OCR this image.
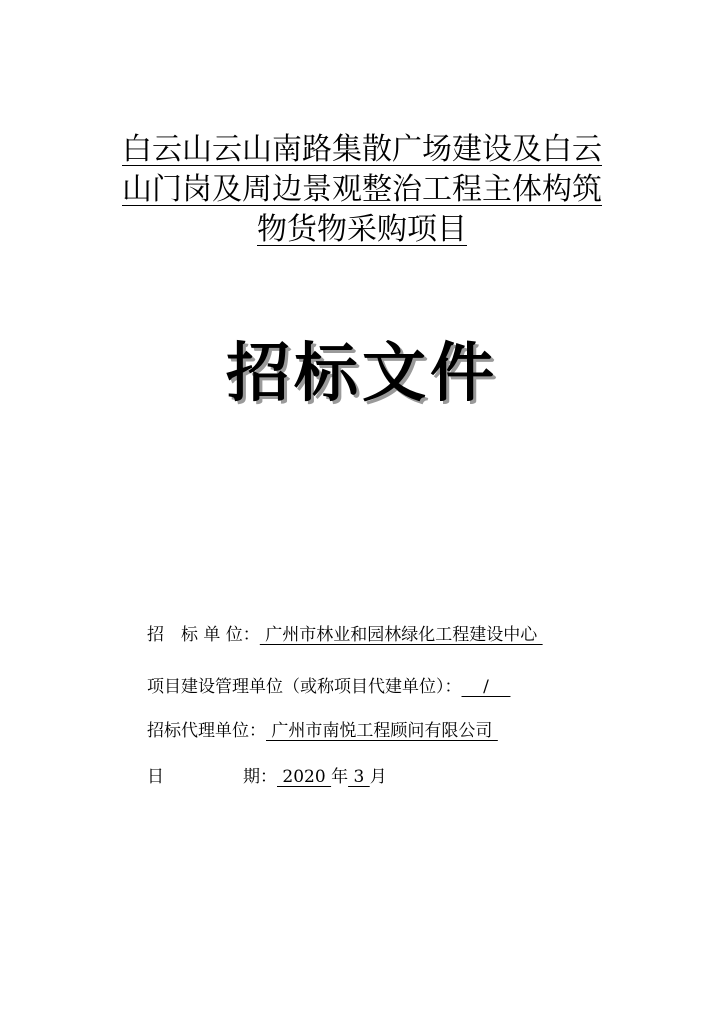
白云山云山南路集散广场建设及白云
山门岗及周边景观整治工程主体构筑
物货物采购项目
招标文件
招　标 单 位： 广州市林业和园林绿化工程建设中心
项目建设管理单位（或称项目代建单位）：    /
招标代理单位： 广州市南悦工程顾问有限公司
日	期： 2020 年 3 月
